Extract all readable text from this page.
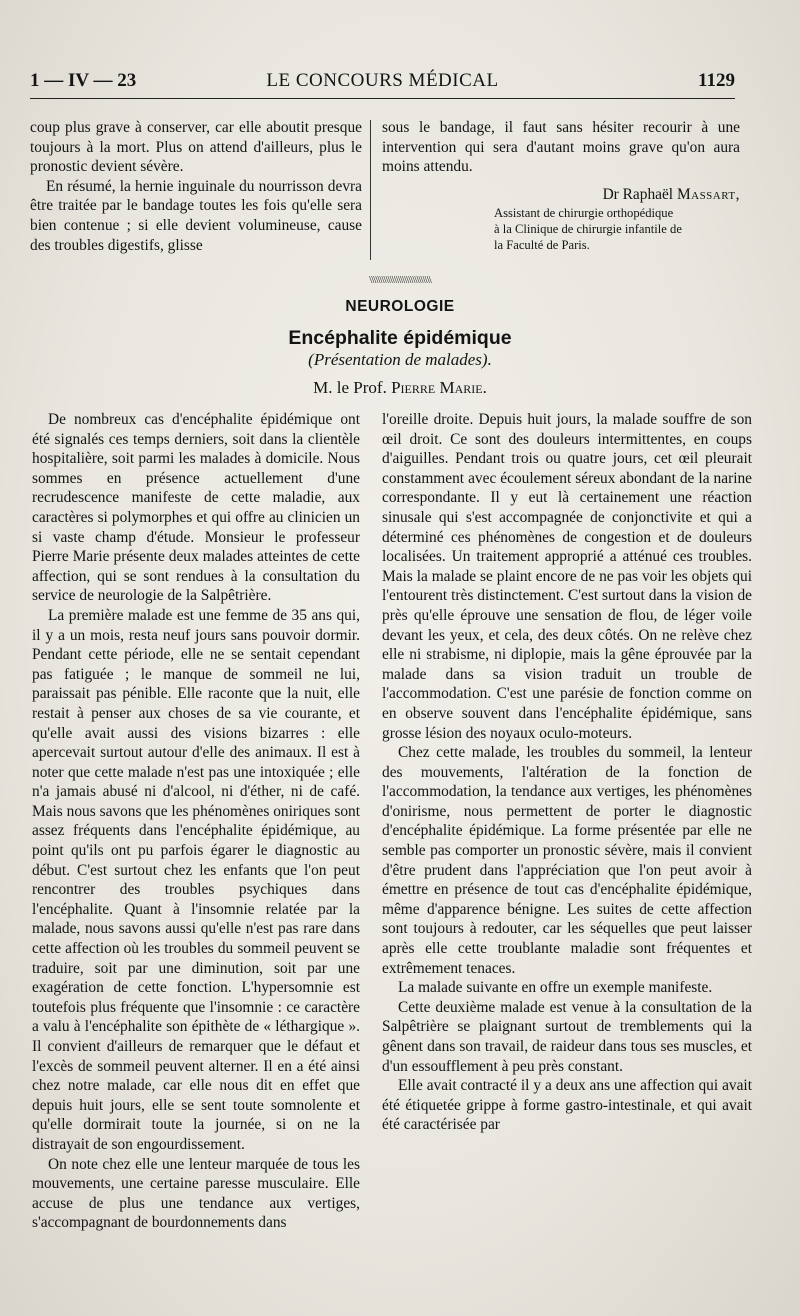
1 — IV — 23	LE CONCOURS MÉDICAL	1129

coup plus grave à conserver, car elle aboutit presque toujours à la mort. Plus on attend d'ailleurs, plus le pronostic devient sévère.

En résumé, la hernie inguinale du nourrisson devra être traitée par le bandage toutes les fois qu'elle sera bien contenue ; si elle devient volumineuse, cause des troubles digestifs, glisse

sous le bandage, il faut sans hésiter recourir à une intervention qui sera d'autant moins grave qu'on aura moins attendu.

Dr Raphaël Massart,
Assistant de chirurgie orthopédique
à la Clinique de chirurgie infantile de
la Faculté de Paris.
\\\\\\\\\\\\\\\\\\\\\\\\\\\\\\
NEUROLOGIE
Encéphalite épidémique
(Présentation de malades).
M. le Prof. Pierre Marie.

De nombreux cas d'encéphalite épidémique ont été signalés ces temps derniers, soit dans la clientèle hospitalière, soit parmi les malades à domicile. Nous sommes en présence actuellement d'une recrudescence manifeste de cette maladie, aux caractères si polymorphes et qui offre au clinicien un si vaste champ d'étude. Monsieur le professeur Pierre Marie présente deux malades atteintes de cette affection, qui se sont rendues à la consultation du service de neurologie de la Salpêtrière.

La première malade est une femme de 35 ans qui, il y a un mois, resta neuf jours sans pouvoir dormir. Pendant cette période, elle ne se sentait cependant pas fatiguée ; le manque de sommeil ne lui, paraissait pas pénible. Elle raconte que la nuit, elle restait à penser aux choses de sa vie courante, et qu'elle avait aussi des visions bizarres : elle apercevait surtout autour d'elle des animaux. Il est à noter que cette malade n'est pas une intoxiquée ; elle n'a jamais abusé ni d'alcool, ni d'éther, ni de café. Mais nous savons que les phénomènes oniriques sont assez fréquents dans l'encéphalite épidémique, au point qu'ils ont pu parfois égarer le diagnostic au début. C'est surtout chez les enfants que l'on peut rencontrer des troubles psychiques dans l'encéphalite. Quant à l'insomnie relatée par la malade, nous savons aussi qu'elle n'est pas rare dans cette affection où les troubles du sommeil peuvent se traduire, soit par une diminution, soit par une exagération de cette fonction. L'hypersomnie est toutefois plus fréquente que l'insomnie : ce caractère a valu à l'encéphalite son épithète de « léthargique ». Il convient d'ailleurs de remarquer que le défaut et l'excès de sommeil peuvent alterner. Il en a été ainsi chez notre malade, car elle nous dit en effet que depuis huit jours, elle se sent toute somnolente et qu'elle dormirait toute la journée, si on ne la distrayait de son engourdissement.

On note chez elle une lenteur marquée de tous les mouvements, une certaine paresse musculaire. Elle accuse de plus une tendance aux vertiges, s'accompagnant de bourdonnements dans

l'oreille droite. Depuis huit jours, la malade souffre de son œil droit. Ce sont des douleurs intermittentes, en coups d'aiguilles. Pendant trois ou quatre jours, cet œil pleurait constamment avec écoulement séreux abondant de la narine correspondante. Il y eut là certainement une réaction sinusale qui s'est accompagnée de conjonctivite et qui a déterminé ces phénomènes de congestion et de douleurs localisées. Un traitement approprié a atténué ces troubles. Mais la malade se plaint encore de ne pas voir les objets qui l'entourent très distinctement. C'est surtout dans la vision de près qu'elle éprouve une sensation de flou, de léger voile devant les yeux, et cela, des deux côtés. On ne relève chez elle ni strabisme, ni diplopie, mais la gêne éprouvée par la malade dans sa vision traduit un trouble de l'accommodation. C'est une parésie de fonction comme on en observe souvent dans l'encéphalite épidémique, sans grosse lésion des noyaux oculo-moteurs.

Chez cette malade, les troubles du sommeil, la lenteur des mouvements, l'altération de la fonction de l'accommodation, la tendance aux vertiges, les phénomènes d'onirisme, nous permettent de porter le diagnostic d'encéphalite épidémique. La forme présentée par elle ne semble pas comporter un pronostic sévère, mais il convient d'être prudent dans l'appréciation que l'on peut avoir à émettre en présence de tout cas d'encéphalite épidémique, même d'apparence bénigne. Les suites de cette affection sont toujours à redouter, car les séquelles que peut laisser après elle cette troublante maladie sont fréquentes et extrêmement tenaces.

La malade suivante en offre un exemple manifeste.

Cette deuxième malade est venue à la consultation de la Salpêtrière se plaignant surtout de tremblements qui la gênent dans son travail, de raideur dans tous ses muscles, et d'un essoufflement à peu près constant.

Elle avait contracté il y a deux ans une affection qui avait été étiquetée grippe à forme gastro-intestinale, et qui avait été caractérisée par
